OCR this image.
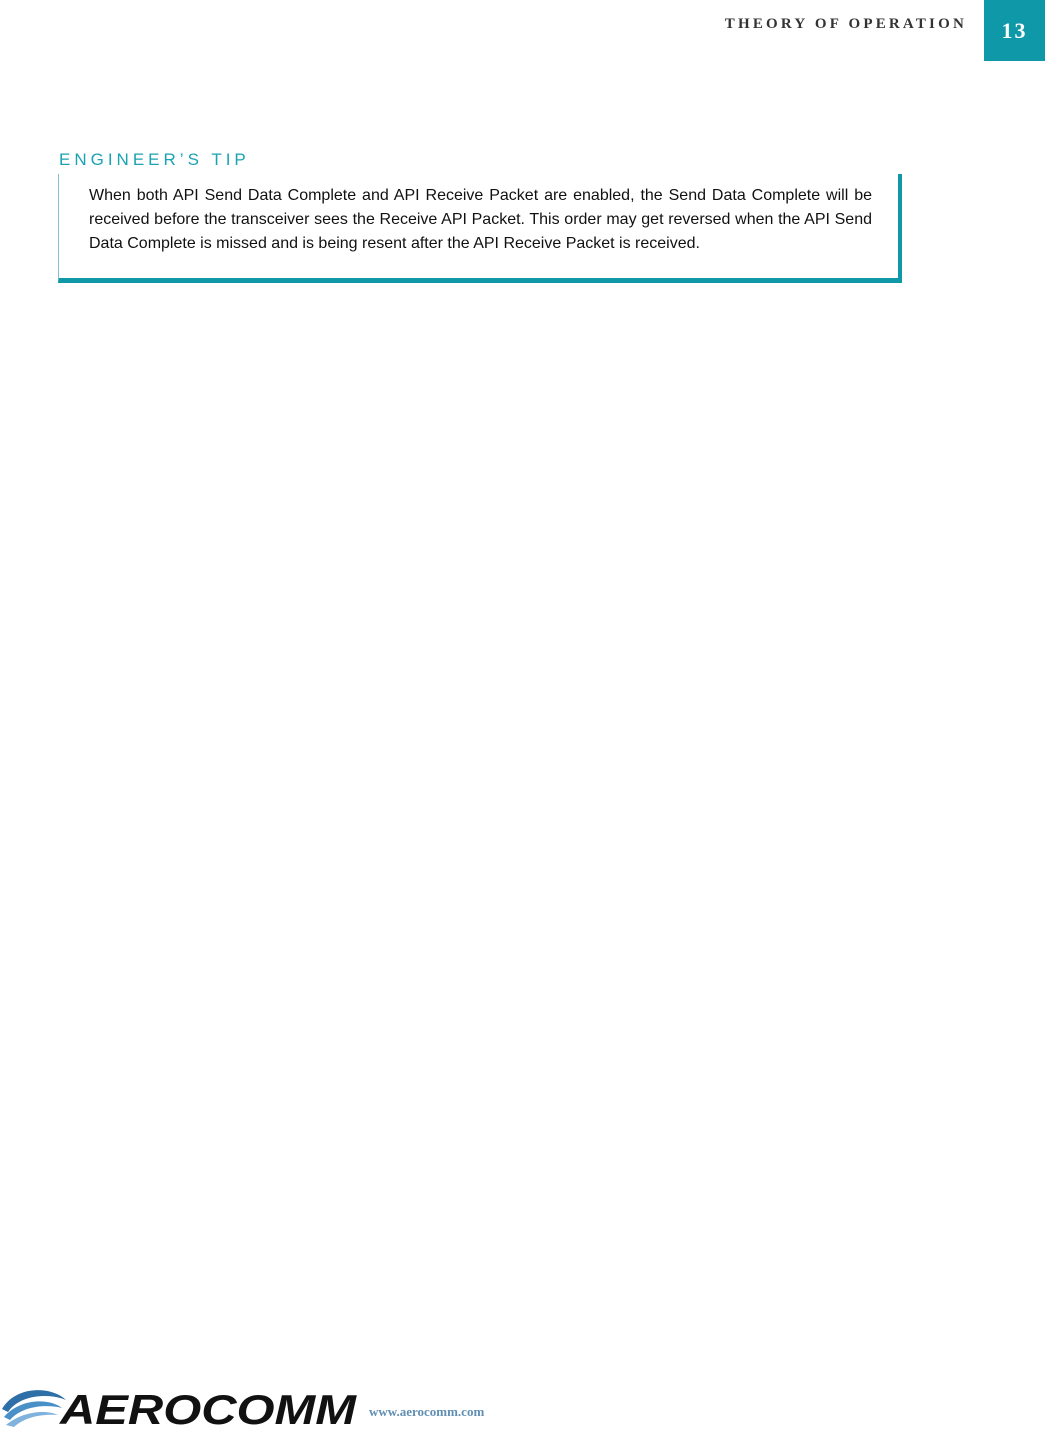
THEORY OF OPERATION 13
ENGINEER’S TIP

When both API Send Data Complete and API Receive Packet are enabled, the Send Data Complete will be received before the transceiver sees the Receive API Packet. This order may get reversed when the API Send Data Complete is missed and is being resent after the API Receive Packet is received.

AEROCOMM www.aerocomm.com
